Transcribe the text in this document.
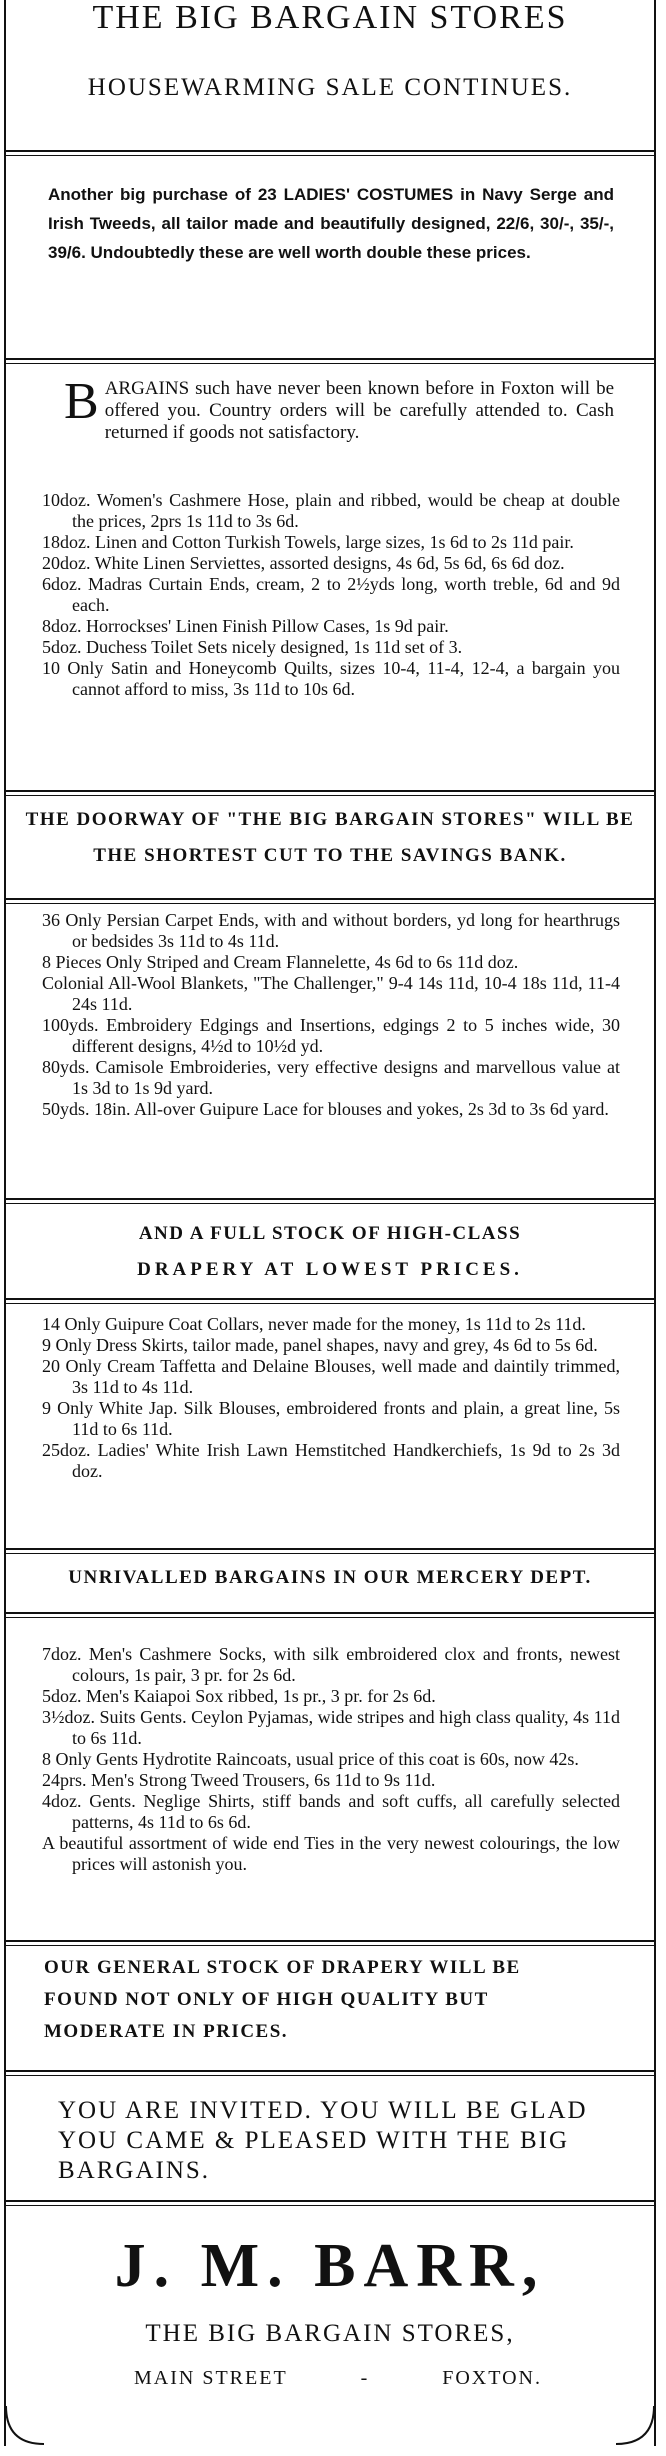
THE BIG BARGAIN STORES
HOUSEWARMING SALE CONTINUES.
Another big purchase of 23 LADIES' COSTUMES in Navy Serge and Irish Tweeds, all tailor made and beautifully designed, 22/6, 30/-, 35/-, 39/6. Undoubtedly these are well worth double these prices.
B ARGAINS such have never been known before in Foxton will be offered you. Country orders will be carefully attended to. Cash returned if goods not satisfactory.
10doz. Women's Cashmere Hose, plain and ribbed, would be cheap at double the prices, 2prs 1s 11d to 3s 6d.
18doz. Linen and Cotton Turkish Towels, large sizes, 1s 6d to 2s 11d pair.
20doz. White Linen Serviettes, assorted designs, 4s 6d, 5s 6d, 6s 6d doz.
6doz. Madras Curtain Ends, cream, 2 to 2½yds long, worth treble, 6d and 9d each.
8doz. Horrockses' Linen Finish Pillow Cases, 1s 9d pair.
5doz. Duchess Toilet Sets nicely designed, 1s 11d set of 3.
10 Only Satin and Honeycomb Quilts, sizes 10-4, 11-4, 12-4, a bargain you cannot afford to miss, 3s 11d to 10s 6d.
THE DOORWAY OF "THE BIG BARGAIN STORES" WILL BE THE SHORTEST CUT TO THE SAVINGS BANK.
36 Only Persian Carpet Ends, with and without borders, yd long for hearthrugs or bedsides 3s 11d to 4s 11d.
8 Pieces Only Striped and Cream Flannelette, 4s 6d to 6s 11d doz.
Colonial All-Wool Blankets, "The Challenger," 9-4 14s 11d, 10-4 18s 11d, 11-4 24s 11d.
100yds. Embroidery Edgings and Insertions, edgings 2 to 5 inches wide, 30 different designs, 4½d to 10½d yd.
80yds. Camisole Embroideries, very effective designs and marvellous value at 1s 3d to 1s 9d yard.
50yds. 18in. All-over Guipure Lace for blouses and yokes, 2s 3d to 3s 6d yard.
AND A FULL STOCK OF HIGH-CLASS
DRAPERY AT LOWEST PRICES.
14 Only Guipure Coat Collars, never made for the money, 1s 11d to 2s 11d.
9 Only Dress Skirts, tailor made, panel shapes, navy and grey, 4s 6d to 5s 6d.
20 Only Cream Taffetta and Delaine Blouses, well made and daintily trimmed, 3s 11d to 4s 11d.
9 Only White Jap. Silk Blouses, embroidered fronts and plain, a great line, 5s 11d to 6s 11d.
25doz. Ladies' White Irish Lawn Hemstitched Handkerchiefs, 1s 9d to 2s 3d doz.
UNRIVALLED BARGAINS IN OUR MERCERY DEPT.
7doz. Men's Cashmere Socks, with silk embroidered clox and fronts, newest colours, 1s pair, 3 pr. for 2s 6d.
5doz. Men's Kaiapoi Sox ribbed, 1s pr., 3 pr. for 2s 6d.
3½doz. Suits Gents. Ceylon Pyjamas, wide stripes and high class quality, 4s 11d to 6s 11d.
8 Only Gents Hydrotite Raincoats, usual price of this coat is 60s, now 42s.
24prs. Men's Strong Tweed Trousers, 6s 11d to 9s 11d.
4doz. Gents. Neglige Shirts, stiff bands and soft cuffs, all carefully selected patterns, 4s 11d to 6s 6d.
A beautiful assortment of wide end Ties in the very newest colourings, the low prices will astonish you.
OUR GENERAL STOCK OF DRAPERY WILL BE FOUND NOT ONLY OF HIGH QUALITY BUT MODERATE IN PRICES.
YOU ARE INVITED. YOU WILL BE GLAD YOU CAME & PLEASED WITH THE BIG BARGAINS.
J. M. BARR,
THE BIG BARGAIN STORES,
MAIN STREET	-	FOXTON.
